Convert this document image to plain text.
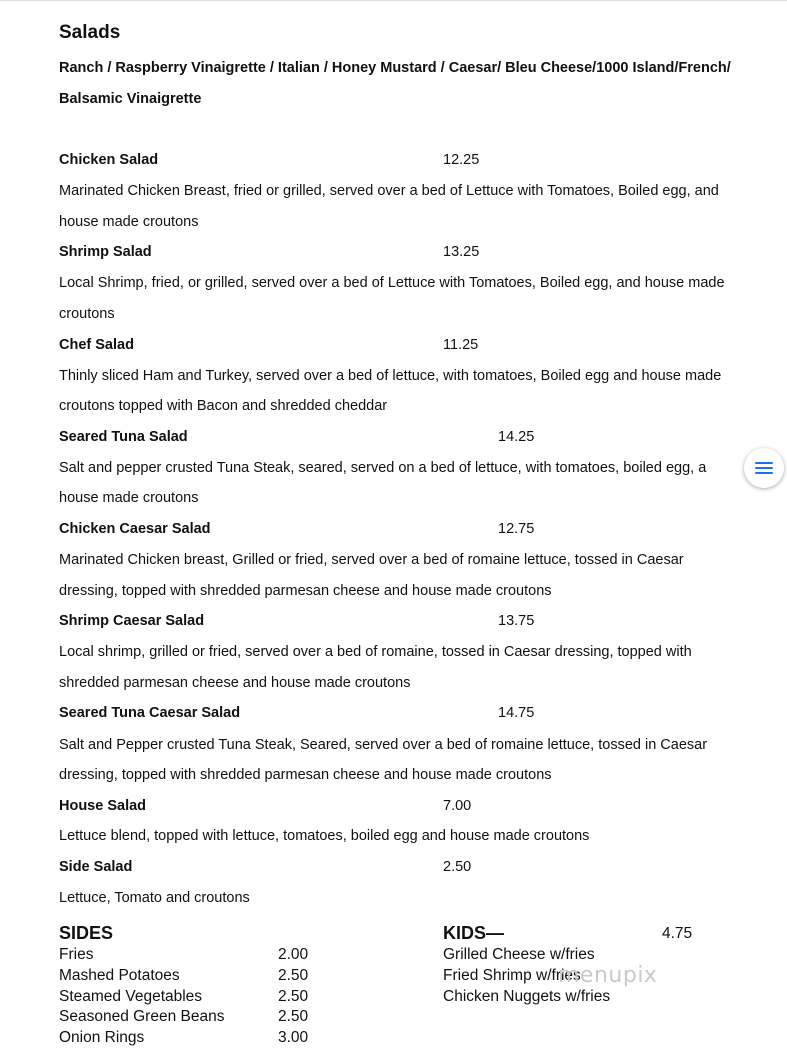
Salads
Ranch / Raspberry Vinaigrette / Italian / Honey Mustard / Caesar/ Bleu Cheese/1000 Island/French/
Balsamic Vinaigrette
Chicken Salad	12.25
Marinated Chicken Breast, fried or grilled, served over a bed of Lettuce with Tomatoes, Boiled egg, and
house made croutons
Shrimp Salad	13.25
Local Shrimp, fried, or grilled, served over a bed of Lettuce with Tomatoes, Boiled egg, and house made
croutons
Chef Salad	11.25
Thinly sliced Ham and Turkey, served over a bed of lettuce, with tomatoes, Boiled egg and house made
croutons topped with Bacon and shredded cheddar
Seared Tuna Salad	14.25
Salt and pepper crusted Tuna Steak, seared, served on a bed of lettuce, with tomatoes, boiled egg, a
house made croutons
Chicken Caesar Salad	12.75
Marinated Chicken breast, Grilled or fried, served over a bed of romaine lettuce, tossed in Caesar
dressing, topped with shredded parmesan cheese and house made croutons
Shrimp Caesar Salad	13.75
Local shrimp, grilled or fried, served over a bed of romaine, tossed in Caesar dressing, topped with
shredded parmesan cheese and house made croutons
Seared Tuna Caesar Salad	14.75
Salt and Pepper crusted Tuna Steak, Seared, served over a bed of romaine lettuce, tossed in Caesar
dressing, topped with shredded parmesan cheese and house made croutons
House Salad	7.00
Lettuce blend, topped with lettuce, tomatoes, boiled egg and house made croutons
Side Salad	2.50
Lettuce, Tomato and croutons
SIDES
Fries	2.00
Mashed Potatoes	2.50
Steamed Vegetables	2.50
Seasoned Green Beans	2.50
Onion Rings	3.00
KIDS—	4.75
Grilled Cheese w/fries
Fried Shrimp w/fries
Chicken Nuggets w/fries
menupix
